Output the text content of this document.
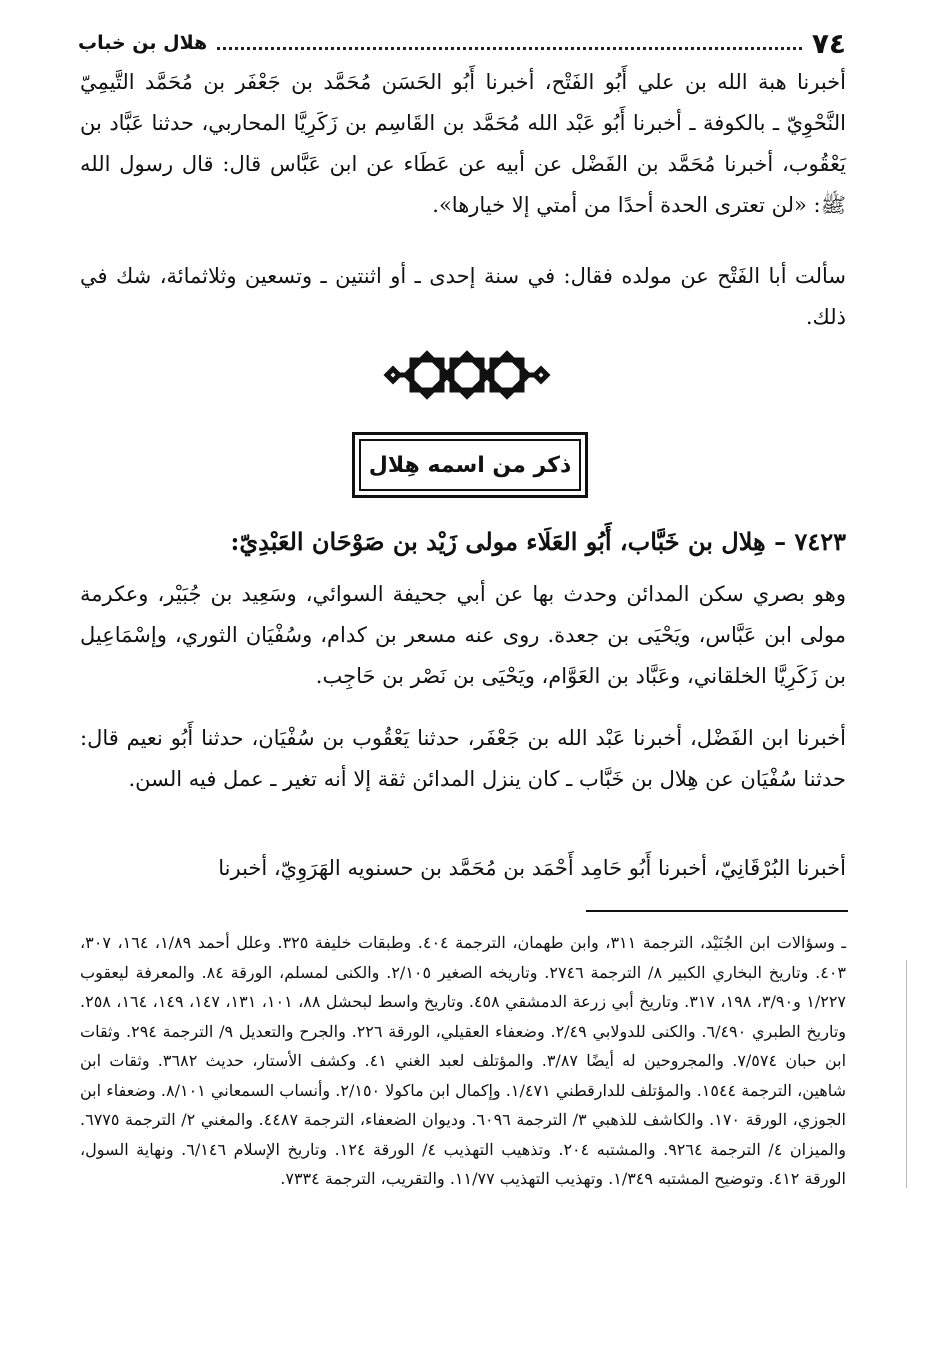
٧٤
هلال بن خباب

أخبرنا هبة الله بن علي أَبُو الفَتْح، أخبرنا أَبُو الحَسَن مُحَمَّد بن جَعْفَر بن مُحَمَّد التَّيمِيّ النَّحْوِيّ ـ بالكوفة ـ أخبرنا أَبُو عَبْد الله مُحَمَّد بن القَاسِم بن زَكَرِيَّا المحاربي، حدثنا عَبَّاد بن يَعْقُوب، أخبرنا مُحَمَّد بن الفَضْل عن أبيه عن عَطَاء عن ابن عَبَّاس قال: قال رسول الله ﷺ: «لن تعترى الحدة أحدًا من أمتي إلا خيارها».

سألت أبا الفَتْح عن مولده فقال: في سنة إحدى ـ أو اثنتين ـ وتسعين وثلاثمائة، شك في ذلك.

ذكر من اسمه هِلال

٧٤٢٣ – هِلال بن خَبَّاب، أَبُو العَلَاء مولى زَيْد بن صَوْحَان العَبْدِيّ:

وهو بصري سكن المدائن وحدث بها عن أبي جحيفة السوائي، وسَعِيد بن جُبَيْر، وعكرمة مولى ابن عَبَّاس، ويَحْيَى بن جعدة. روى عنه مسعر بن كدام، وسُفْيَان الثوري، وإسْمَاعِيل بن زَكَرِيَّا الخلقاني، وعَبَّاد بن العَوَّام، ويَحْيَى بن نَصْر بن حَاجِب.

أخبرنا ابن الفَضْل، أخبرنا عَبْد الله بن جَعْفَر، حدثنا يَعْقُوب بن سُفْيَان، حدثنا أَبُو نعيم قال: حدثنا سُفْيَان عن هِلال بن خَبَّاب ـ كان ينزل المدائن ثقة إلا أنه تغير ـ عمل فيه السن.

أخبرنا البُرْقَانِيّ، أخبرنا أَبُو حَامِد أَحْمَد بن مُحَمَّد بن حسنويه الهَرَوِيّ، أخبرنا

ـ وسؤالات ابن الجُنَيْد، الترجمة ٣١١، وابن طهمان، الترجمة ٤٠٤. وطبقات خليفة ٣٢٥. وعلل أحمد ١/٨٩، ١٦٤، ٣٠٧، ٤٠٣. وتاريخ البخاري الكبير ٨/ الترجمة ٢٧٤٦. وتاريخه الصغير ٢/١٠٥. والكنى لمسلم، الورقة ٨٤. والمعرفة ليعقوب ١/٢٢٧ و٣/٩٠، ١٩٨، ٣١٧. وتاريخ أبي زرعة الدمشقي ٤٥٨. وتاريخ واسط لبحشل ٨٨، ١٠١، ١٣١، ١٤٧، ١٤٩، ١٦٤، ٢٥٨. وتاريخ الطبري ٦/٤٩٠. والكنى للدولابي ٢/٤٩. وضعفاء العقيلي، الورقة ٢٢٦. والجرح والتعديل ٩/ الترجمة ٢٩٤. وثقات ابن حبان ٧/٥٧٤. والمجروحين له أيضًا ٣/٨٧. والمؤتلف لعبد الغني ٤١. وكشف الأستار، حديث ٣٦٨٢. وثقات ابن شاهين، الترجمة ١٥٤٤. والمؤتلف للدارقطني ١/٤٧١. وإكمال ابن ماكولا ٢/١٥٠. وأنساب السمعاني ٨/١٠١. وضعفاء ابن الجوزي، الورقة ١٧٠. والكاشف للذهبي ٣/ الترجمة ٦٠٩٦. وديوان الضعفاء، الترجمة ٤٤٨٧. والمغني ٢/ الترجمة ٦٧٧٥. والميزان ٤/ الترجمة ٩٢٦٤. والمشتبه ٢٠٤. وتذهيب التهذيب ٤/ الورقة ١٢٤. وتاريخ الإسلام ٦/١٤٦. ونهاية السول، الورقة ٤١٢. وتوضيح المشتبه ١/٣٤٩. وتهذيب التهذيب ١١/٧٧. والتقريب، الترجمة ٧٣٣٤.
